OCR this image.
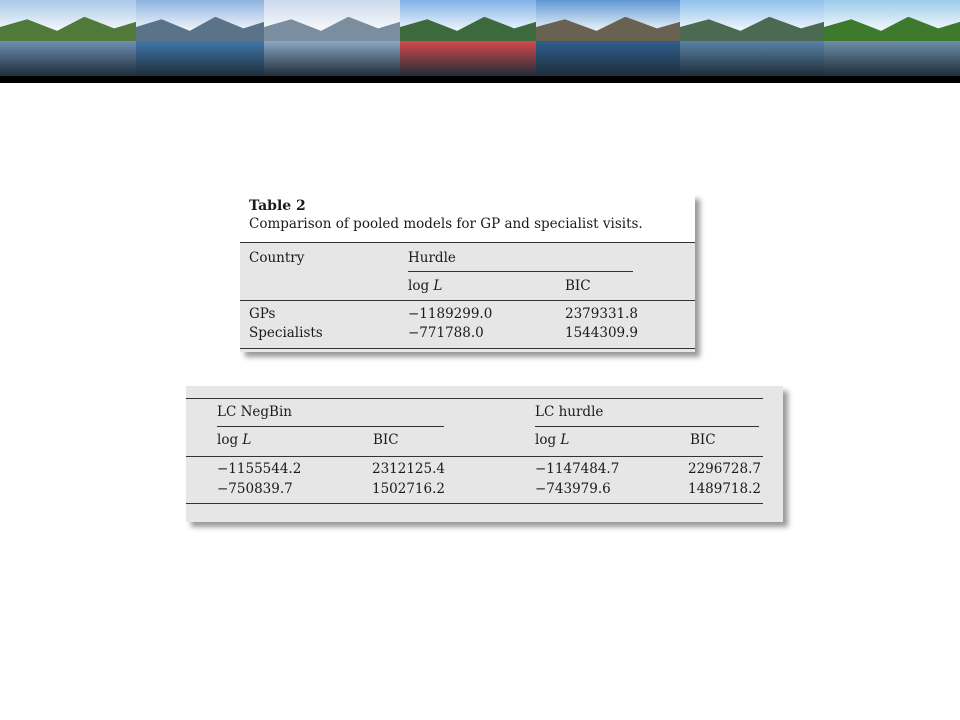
Table 2
Comparison of pooled models for GP and specialist visits.
Country	Hurdle
log L	BIC
GPs	−1189299.0	2379331.8
Specialists	−771788.0	1544309.9
LC NegBin	LC hurdle
log L	BIC	log L	BIC
−1155544.2	2312125.4	−1147484.7	2296728.7
−750839.7	1502716.2	−743979.6	1489718.2
